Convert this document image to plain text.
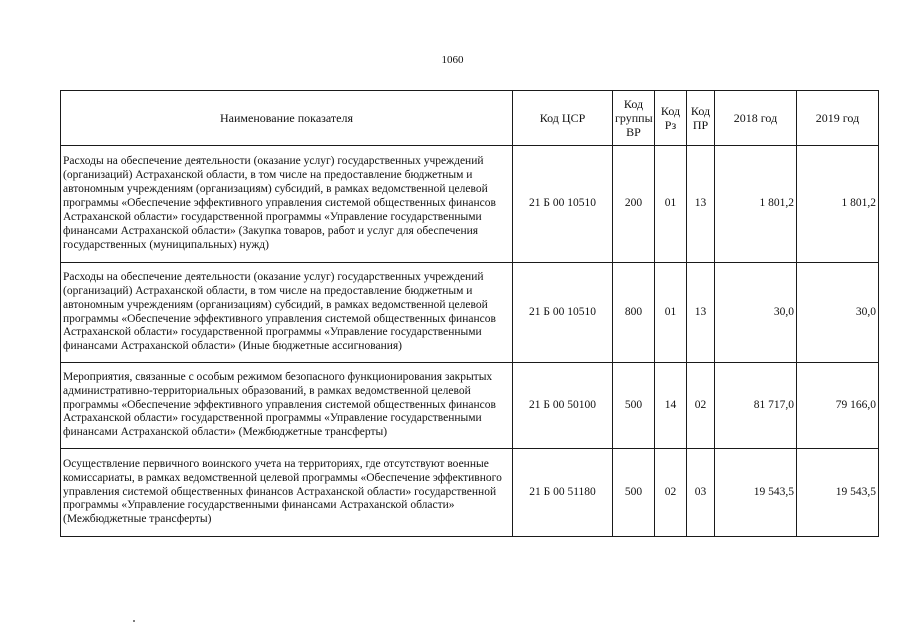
1060
Наименование показателя	Код ЦСР	Код группы ВР	Код Рз	Код ПР	2018 год	2019 год
Расходы на обеспечение деятельности (оказание услуг) государственных учреждений (организаций) Астраханской области, в том числе на предоставление бюджетным и автономным учреждениям (организациям) субсидий, в рамках ведомственной целевой программы «Обеспечение эффективного управления системой общественных финансов Астраханской области» государственной программы «Управление государственными финансами Астраханской области» (Закупка товаров, работ и услуг для обеспечения государственных (муниципальных) нужд)	21 Б 00 10510	200	01	13	1 801,2	1 801,2
Расходы на обеспечение деятельности (оказание услуг) государственных учреждений (организаций) Астраханской области, в том числе на предоставление бюджетным и автономным учреждениям (организациям) субсидий, в рамках ведомственной целевой программы «Обеспечение эффективного управления системой общественных финансов Астраханской области» государственной программы «Управление государственными финансами Астраханской области» (Иные бюджетные ассигнования)	21 Б 00 10510	800	01	13	30,0	30,0
Мероприятия, связанные с особым режимом безопасного функционирования закрытых административно-территориальных образований, в рамках ведомственной целевой программы «Обеспечение эффективного управления системой общественных финансов Астраханской области» государственной программы «Управление государственными финансами Астраханской области» (Межбюджетные трансферты)	21 Б 00 50100	500	14	02	81 717,0	79 166,0
Осуществление первичного воинского учета на территориях, где отсутствуют военные комиссариаты, в рамках ведомственной целевой программы «Обеспечение эффективного управления системой общественных финансов Астраханской области» государственной программы «Управление государственными финансами Астраханской области» (Межбюджетные трансферты)	21 Б 00 51180	500	02	03	19 543,5	19 543,5
